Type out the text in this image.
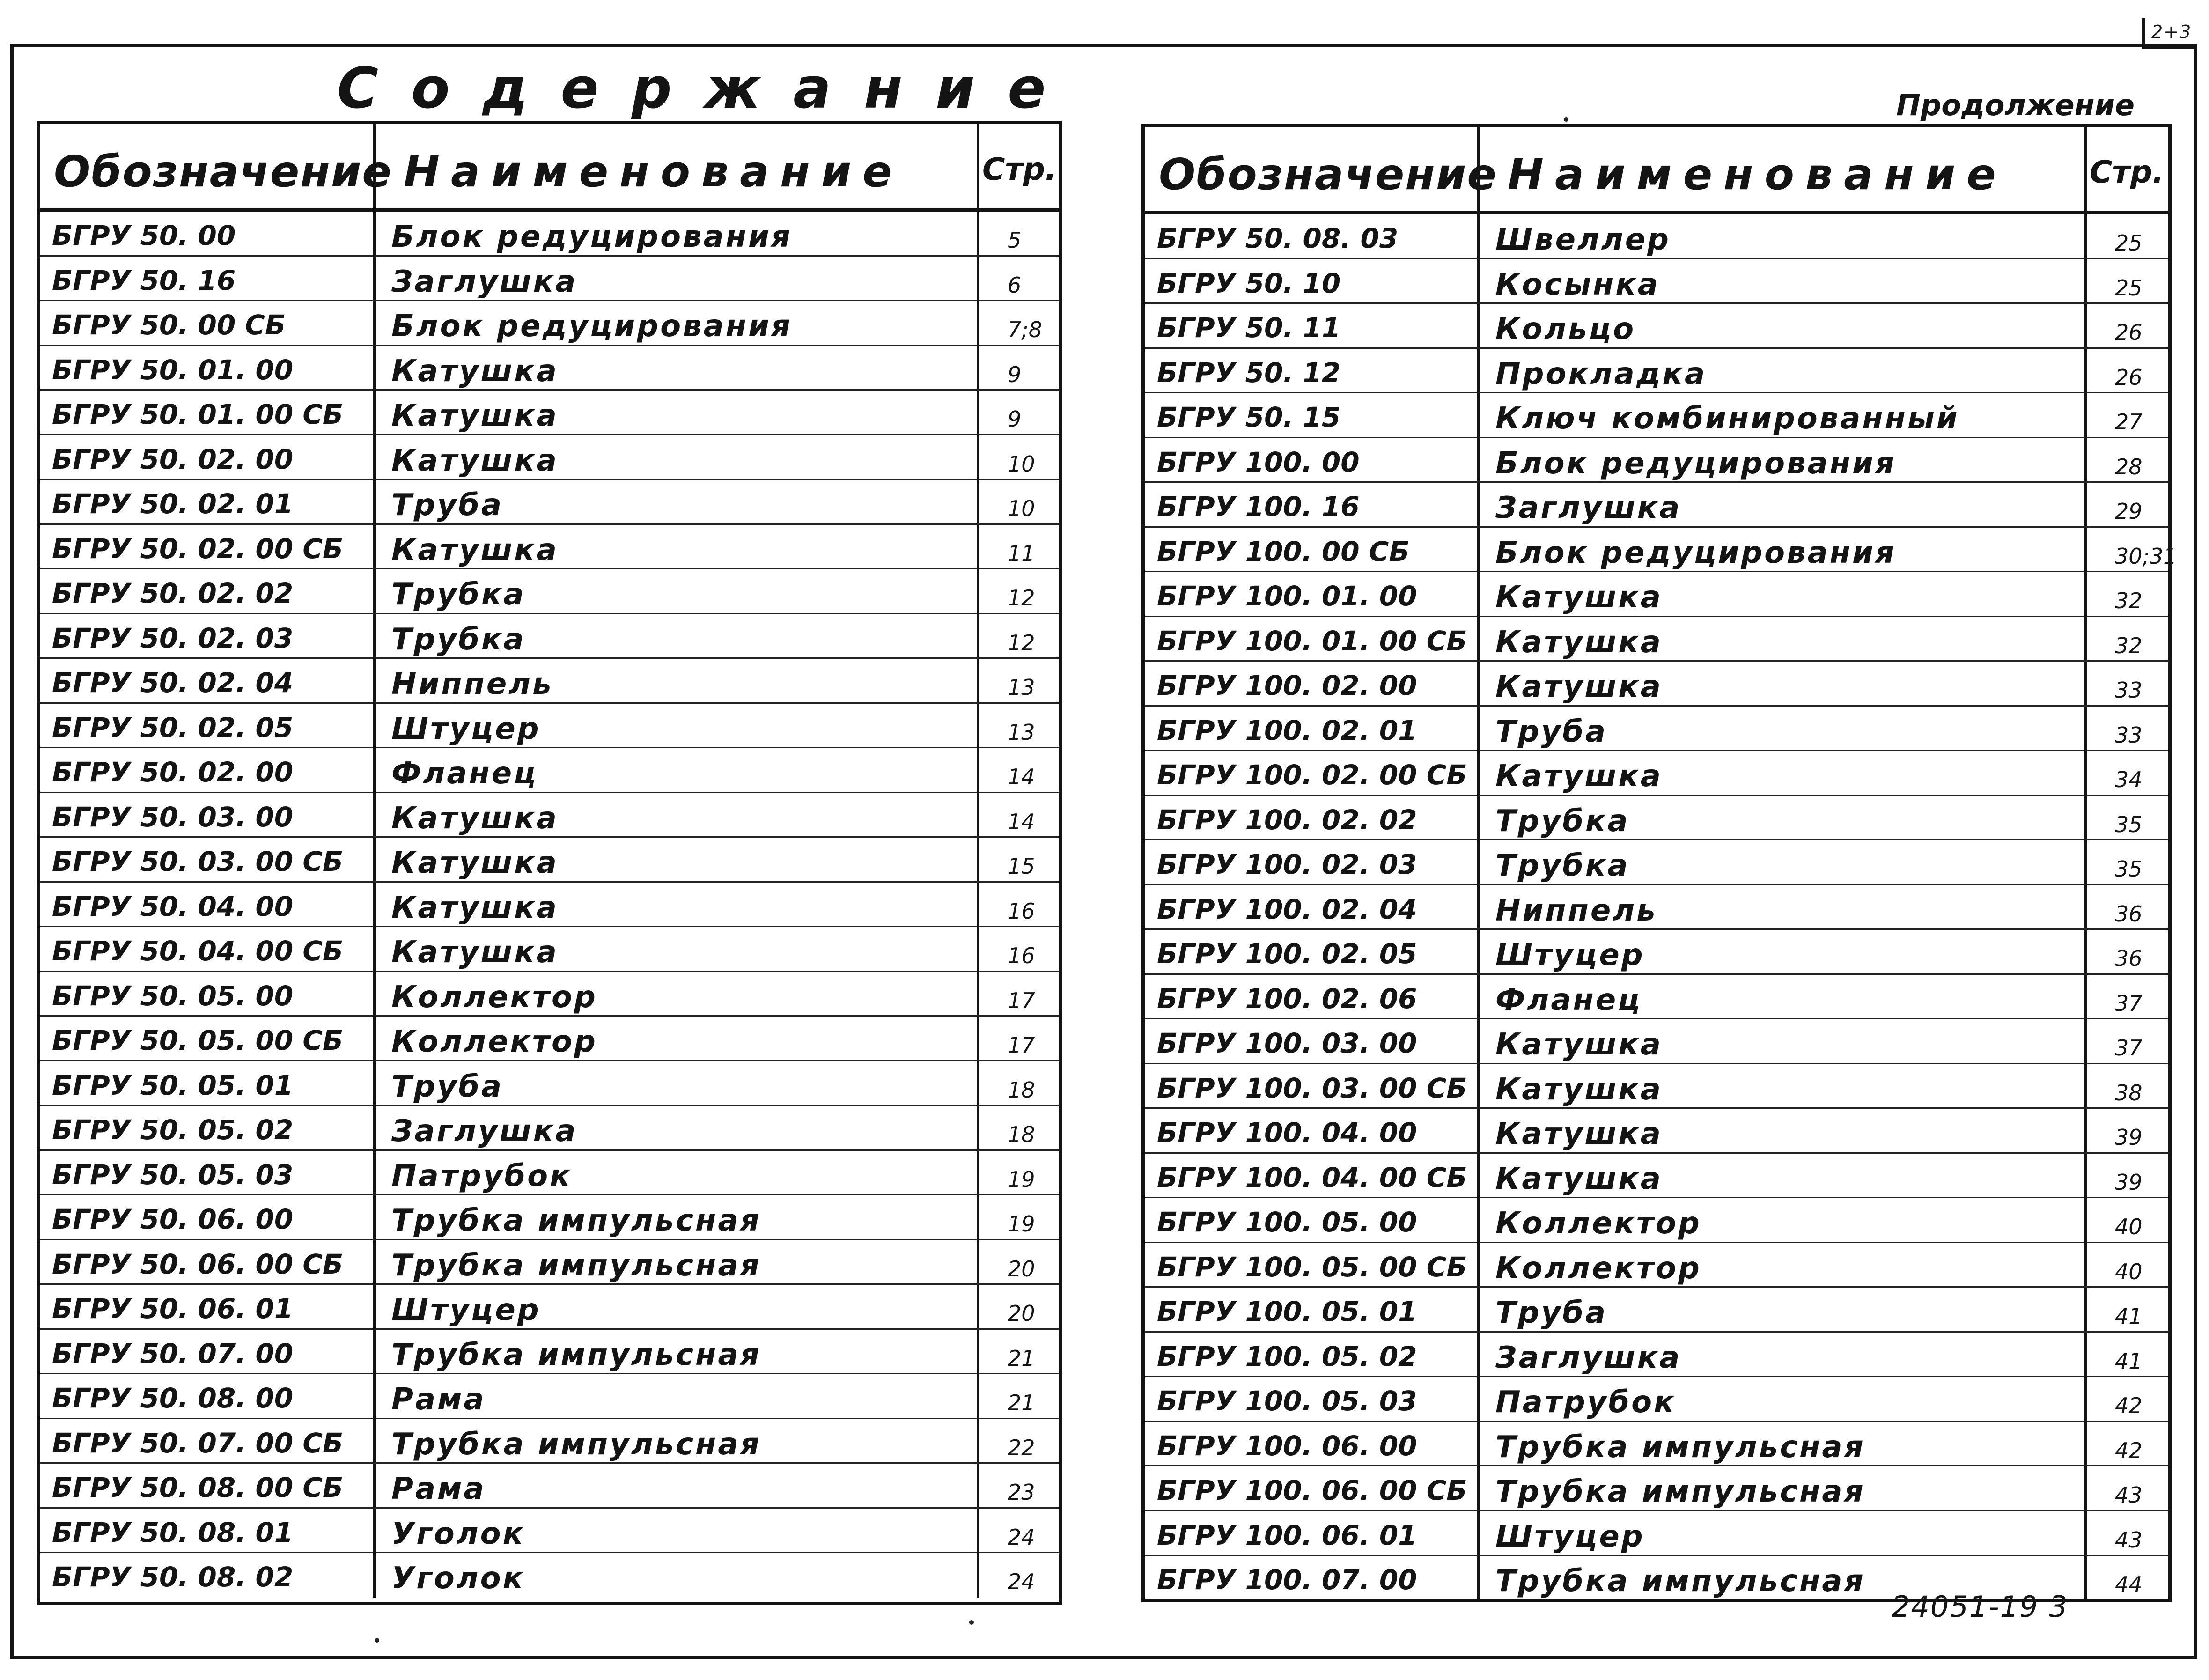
2+3
Содержание	Продолжение
Обозначение Наименование	Стр.
БГРУ 50. 00	Блок редуцирования	5
БГРУ 50. 16	Заглушка	6
БГРУ 50. 00 СБ	Блок редуцирования	7;8
БГРУ 50. 01. 00	Катушка	9
БГРУ 50. 01. 00 СБ	Катушка	9
БГРУ 50. 02. 00	Катушка	10
БГРУ 50. 02. 01	Труба	10
БГРУ 50. 02. 00 СБ	Катушка	11
БГРУ 50. 02. 02	Трубка	12
БГРУ 50. 02. 03	Трубка	12
БГРУ 50. 02. 04	Ниппель	13
БГРУ 50. 02. 05	Штуцер	13
БГРУ 50. 02. 00	Фланец	14
БГРУ 50. 03. 00	Катушка	14
БГРУ 50. 03. 00 СБ	Катушка	15
БГРУ 50. 04. 00	Катушка	16
БГРУ 50. 04. 00 СБ	Катушка	16
БГРУ 50. 05. 00	Коллектор	17
БГРУ 50. 05. 00 СБ	Коллектор	17
БГРУ 50. 05. 01	Труба	18
БГРУ 50. 05. 02	Заглушка	18
БГРУ 50. 05. 03	Патрубок	19
БГРУ 50. 06. 00	Трубка импульсная	19
БГРУ 50. 06. 00 СБ	Трубка импульсная	20
БГРУ 50. 06. 01	Штуцер	20
БГРУ 50. 07. 00	Трубка импульсная	21
БГРУ 50. 08. 00	Рама	21
БГРУ 50. 07. 00 СБ	Трубка импульсная	22
БГРУ 50. 08. 00 СБ	Рама	23
БГРУ 50. 08. 01	Уголок	24
БГРУ 50. 08. 02	Уголок	24
Обозначение Наименование	Стр.
БГРУ 50. 08. 03	Швеллер	25
БГРУ 50. 10	Косынка	25
БГРУ 50. 11	Кольцо	26
БГРУ 50. 12	Прокладка	26
БГРУ 50. 15	Ключ комбинированный	27
БГРУ 100. 00	Блок редуцирования	28
БГРУ 100. 16	Заглушка	29
БГРУ 100. 00 СБ	Блок редуцирования	30;31
БГРУ 100. 01. 00	Катушка	32
БГРУ 100. 01. 00 СБ Катушка	32
БГРУ 100. 02. 00	Катушка	33
БГРУ 100. 02. 01	Труба	33
БГРУ 100. 02. 00 СБ Катушка	34
БГРУ 100. 02. 02	Трубка	35
БГРУ 100. 02. 03	Трубка	35
БГРУ 100. 02. 04	Ниппель	36
БГРУ 100. 02. 05	Штуцер	36
БГРУ 100. 02. 06	Фланец	37
БГРУ 100. 03. 00	Катушка	37
БГРУ 100. 03. 00 СБ Катушка	38
БГРУ 100. 04. 00	Катушка	39
БГРУ 100. 04. 00 СБ Катушка	39
БГРУ 100. 05. 00	Коллектор	40
БГРУ 100. 05. 00 СБ Коллектор	40
БГРУ 100. 05. 01	Труба	41
БГРУ 100. 05. 02	Заглушка	41
БГРУ 100. 05. 03	Патрубок	42
БГРУ 100. 06. 00	Трубка импульсная	42
БГРУ 100. 06. 00 СБ Трубка импульсная	43
БГРУ 100. 06. 01	Штуцер	43
БГРУ 100. 07. 00	Трубка импульсная	44
24051-19 3
